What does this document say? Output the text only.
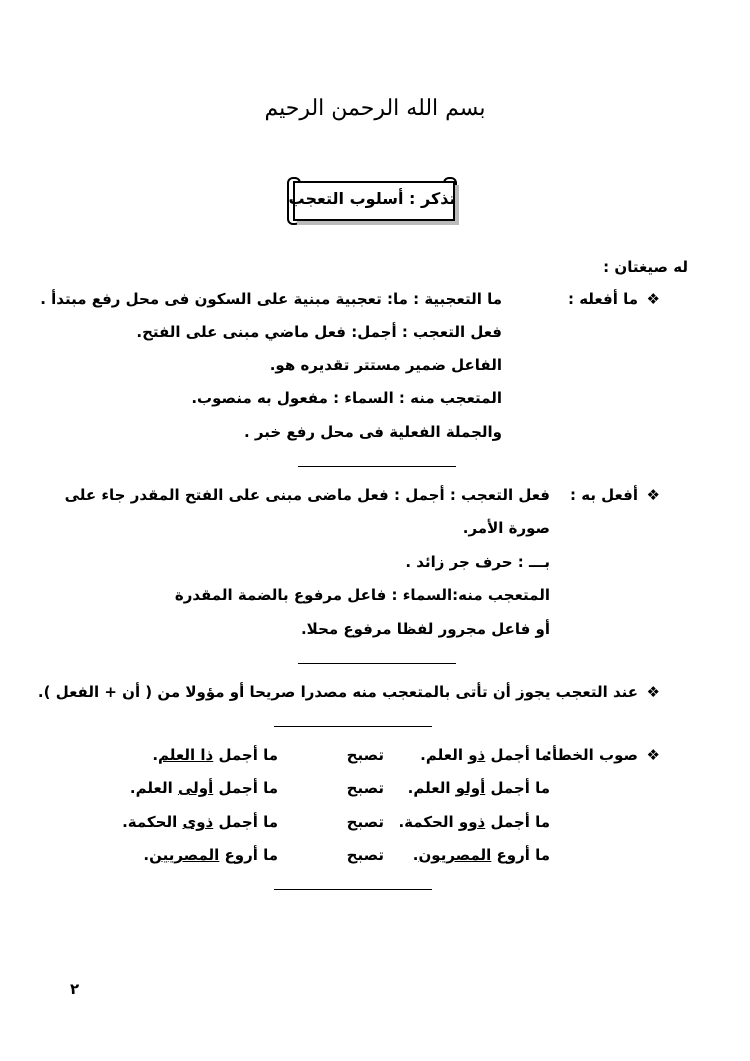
بسم الله الرحمن الرحيم
تذكر : أسلوب التعجب
له صيغتان :
❖
ما أفعله :
ما التعجبية : ما: تعجبية مبنية على السكون فى محل رفع مبتدأ .
فعل التعجب : أجمل: فعل ماضي مبنى على الفتح.
الفاعل ضمير مستتر تقديره هو.
المتعجب منه : السماء : مفعول به منصوب.
والجملة الفعلية فى محل رفع خبر .
❖
أفعل به :
فعل التعجب : أجمل : فعل ماضى مبنى على الفتح المقدر جاء على
صورة الأمر.
بـــ : حرف جر زائد .
المتعجب منه:السماء : فاعل مرفوع بالضمة المقدرة
أو فاعل مجرور لفظا مرفوع محلا.
❖
عند التعجب يجوز أن تأتى بالمتعجب منه مصدرا صريحا أو مؤولا من ( أن + الفعل ).
❖
صوب الخطأ:
ما أجمل ذو العلم.
تصبح
ما أجمل ذا العلم.
ما أجمل أولو العلم.
تصبح
ما أجمل أولى العلم.
ما أجمل ذوو الحكمة.
تصبح
ما أجمل ذوى الحكمة.
ما أروع المصريون.
تصبح
ما أروع المصريين.
٢
